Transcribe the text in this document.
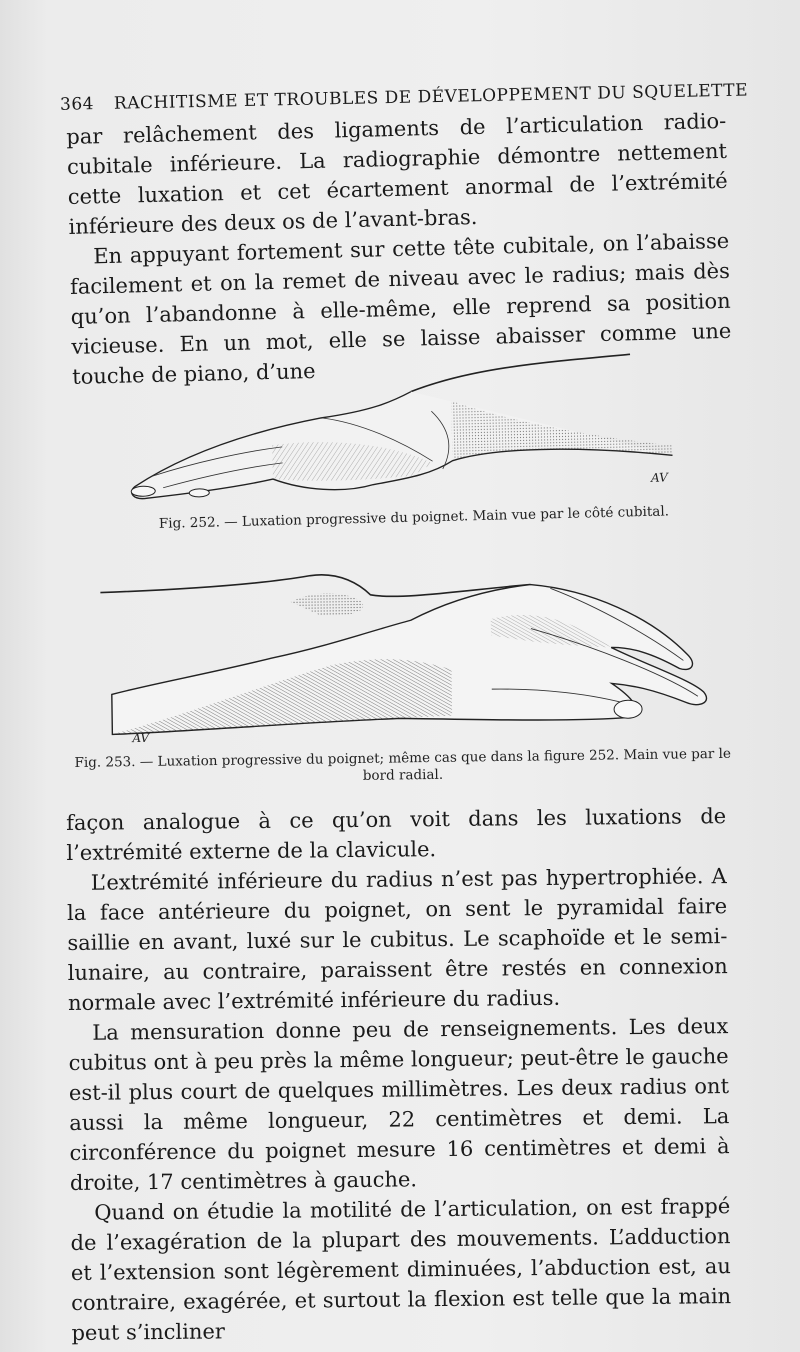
364 RACHITISME ET TROUBLES DE DÉVELOPPEMENT DU SQUELETTE

par relâchement des ligaments de l’articulation radio-cubitale inférieure. La radiographie démontre nettement cette luxation et cet écartement anormal de l’extrémité inférieure des deux os de l’avant-bras.

En appuyant fortement sur cette tête cubitale, on l’abaisse facilement et on la remet de niveau avec le radius; mais dès qu’on l’abandonne à elle-même, elle reprend sa position vicieuse. En un mot, elle se laisse abaisser comme une touche de piano, d’une

AV
Fig. 252. — Luxation progressive du poignet. Main vue par le côté cubital.
AV
Fig. 253. — Luxation progressive du poignet; même cas que dans la figure 252. Main vue par le bord radial.

façon analogue à ce qu’on voit dans les luxations de l’extrémité externe de la clavicule.

L’extrémité inférieure du radius n’est pas hypertrophiée. A la face antérieure du poignet, on sent le pyramidal faire saillie en avant, luxé sur le cubitus. Le scaphoïde et le semi-lunaire, au contraire, paraissent être restés en connexion normale avec l’extrémité inférieure du radius.

La mensuration donne peu de renseignements. Les deux cubitus ont à peu près la même longueur; peut-être le gauche est-il plus court de quelques millimètres. Les deux radius ont aussi la même longueur, 22 centimètres et demi. La circonférence du poignet mesure 16 centimètres et demi à droite, 17 centimètres à gauche.

Quand on étudie la motilité de l’articulation, on est frappé de l’exagération de la plupart des mouvements. L’adduction et l’extension sont légèrement diminuées, l’abduction est, au contraire, exagérée, et surtout la flexion est telle que la main peut s’incliner
